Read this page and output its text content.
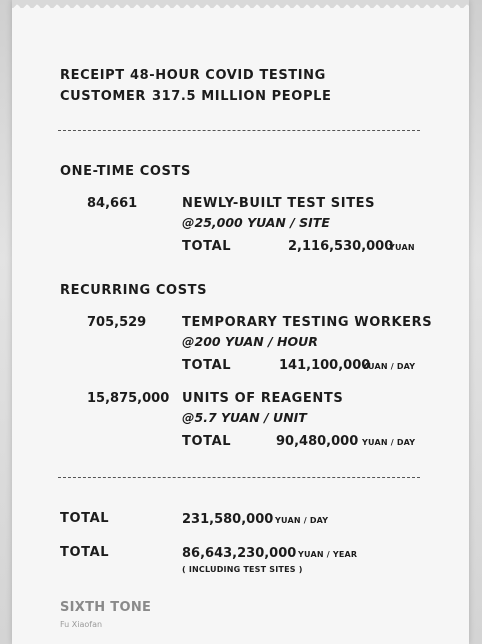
RECEIPT 48-HOUR COVID TESTING
CUSTOMER 317.5 MILLION PEOPLE
ONE-TIME COSTS
84,661	NEWLY-BUILT TEST SITES
@25,000 YUAN / SITE
TOTAL	2,116,530,000
YUAN
RECURRING COSTS
705,529	TEMPORARY TESTING WORKERS
@200 YUAN / HOUR
TOTAL	141,100,000
YUAN / DAY
15,875,000 UNITS OF REAGENTS
@5.7 YUAN / UNIT
TOTAL	90,480,000 YUAN / DAY
TOTAL	231,580,000 YUAN / DAY
TOTAL	86,643,230,000 YUAN / YEAR
( INCLUDING TEST SITES )
SIXTH TONE
Fu Xiaofan
